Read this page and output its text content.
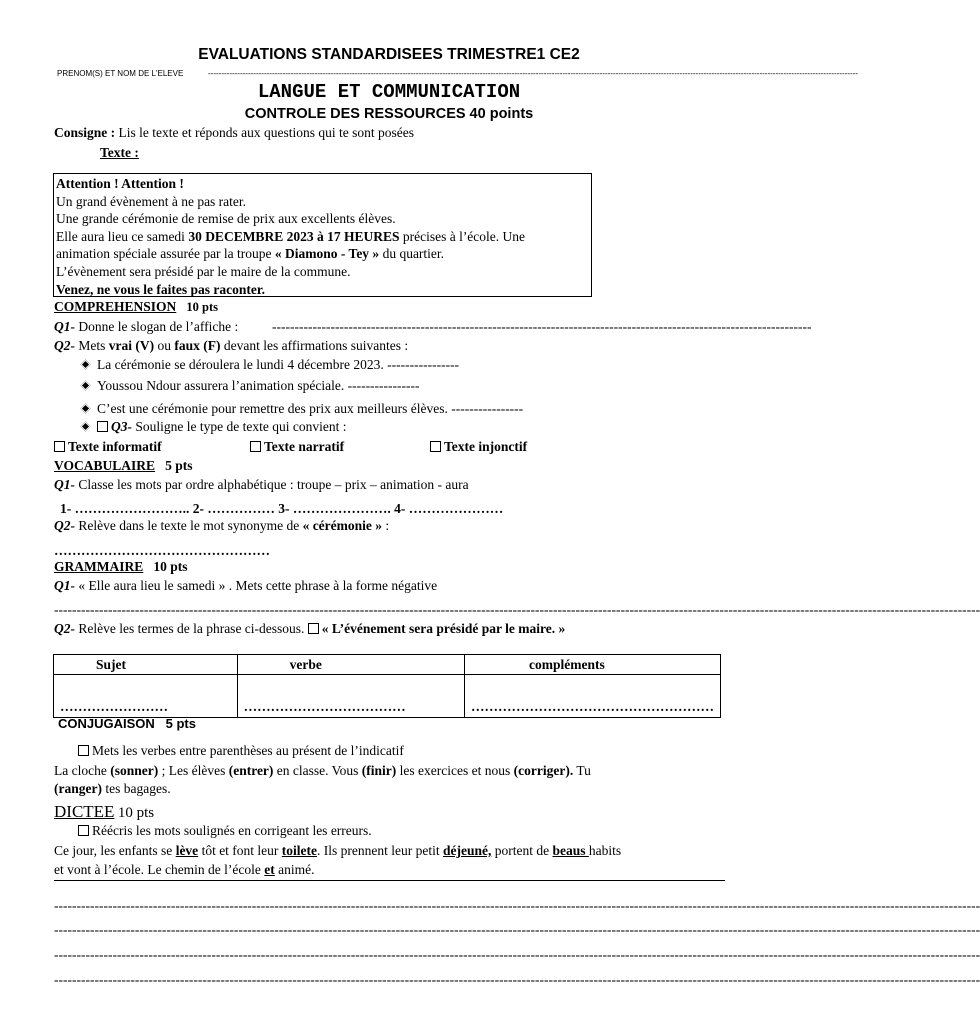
EVALUATIONS STANDARDISEES TRIMESTRE1 CE2
PRENOM(S) ET NOM DE L'ELEVE	----------------------------------------------------------------------------------------------------------------------------------------------------------------------------------------------------------------------------------------------------
LANGUE ET COMMUNICATION
CONTROLE DES RESSOURCES 40 points
Consigne : Lis le texte et réponds aux questions qui te sont posées
Texte :
Attention ! Attention !
Un grand évènement à ne pas rater.
Une grande cérémonie de remise de prix aux excellents élèves.
Elle aura lieu ce samedi 30 DECEMBRE 2023 à 17 HEURES précises à l’école. Une
animation spéciale assurée par la troupe « Diamono - Tey » du quartier.
L’évènement sera présidé par le maire de la commune.
Venez, ne vous le faites pas raconter.
COMPREHENSION 10 pts
Q1- Donne le slogan de l’affiche :	------------------------------------------------------------------------------------------------------------------------
Q2- Mets vrai (V) ou faux (F) devant les affirmations suivantes :
La cérémonie se déroulera le lundi 4 décembre 2023. ----------------
Youssou Ndour assurera l’animation spéciale. ----------------
C’est une cérémonie pour remettre des prix aux meilleurs élèves. ----------------
Q3- Souligne le type de texte qui convient :
Texte informatif	Texte narratif	Texte injonctif
VOCABULAIRE 5 pts
Q1- Classe les mots par ordre alphabétique : troupe – prix – animation - aura
1- …………………….. 2- …………… 3- …………………. 4- …………………
Q2- Relève dans le texte le mot synonyme de « cérémonie » :
…………………………………………
GRAMMAIRE 10 pts
Q1- « Elle aura lieu le samedi » . Mets cette phrase à la forme négative
--------------------------------------------------------------------------------------------------------------------------------------------------------------------------------------------------------------
Q2- Relève les termes de la phrase ci-dessous. « L’événement sera présidé par le maire. »
Sujet	verbe	compléments
……………………	………………………………	………………………………………………
CONJUGAISON 5 pts
Mets les verbes entre parenthèses au présent de l’indicatif
La cloche (sonner) ; Les élèves (entrer) en classe. Vous (finir) les exercices et nous (corriger). Tu
(ranger) tes bagages.
DICTEE 10 pts
Réécris les mots soulignés en corrigeant les erreurs.
Ce jour, les enfants se lève tôt et font leur toilete. Ils prennent leur petit déjeuné, portent de beaus habits
et vont à l’école. Le chemin de l’école et animé.
--------------------------------------------------------------------------------------------------------------------------------------------------------------------------------------------------------------
--------------------------------------------------------------------------------------------------------------------------------------------------------------------------------------------------------------
--------------------------------------------------------------------------------------------------------------------------------------------------------------------------------------------------------------
--------------------------------------------------------------------------------------------------------------------------------------------------------------------------------------------------------------
